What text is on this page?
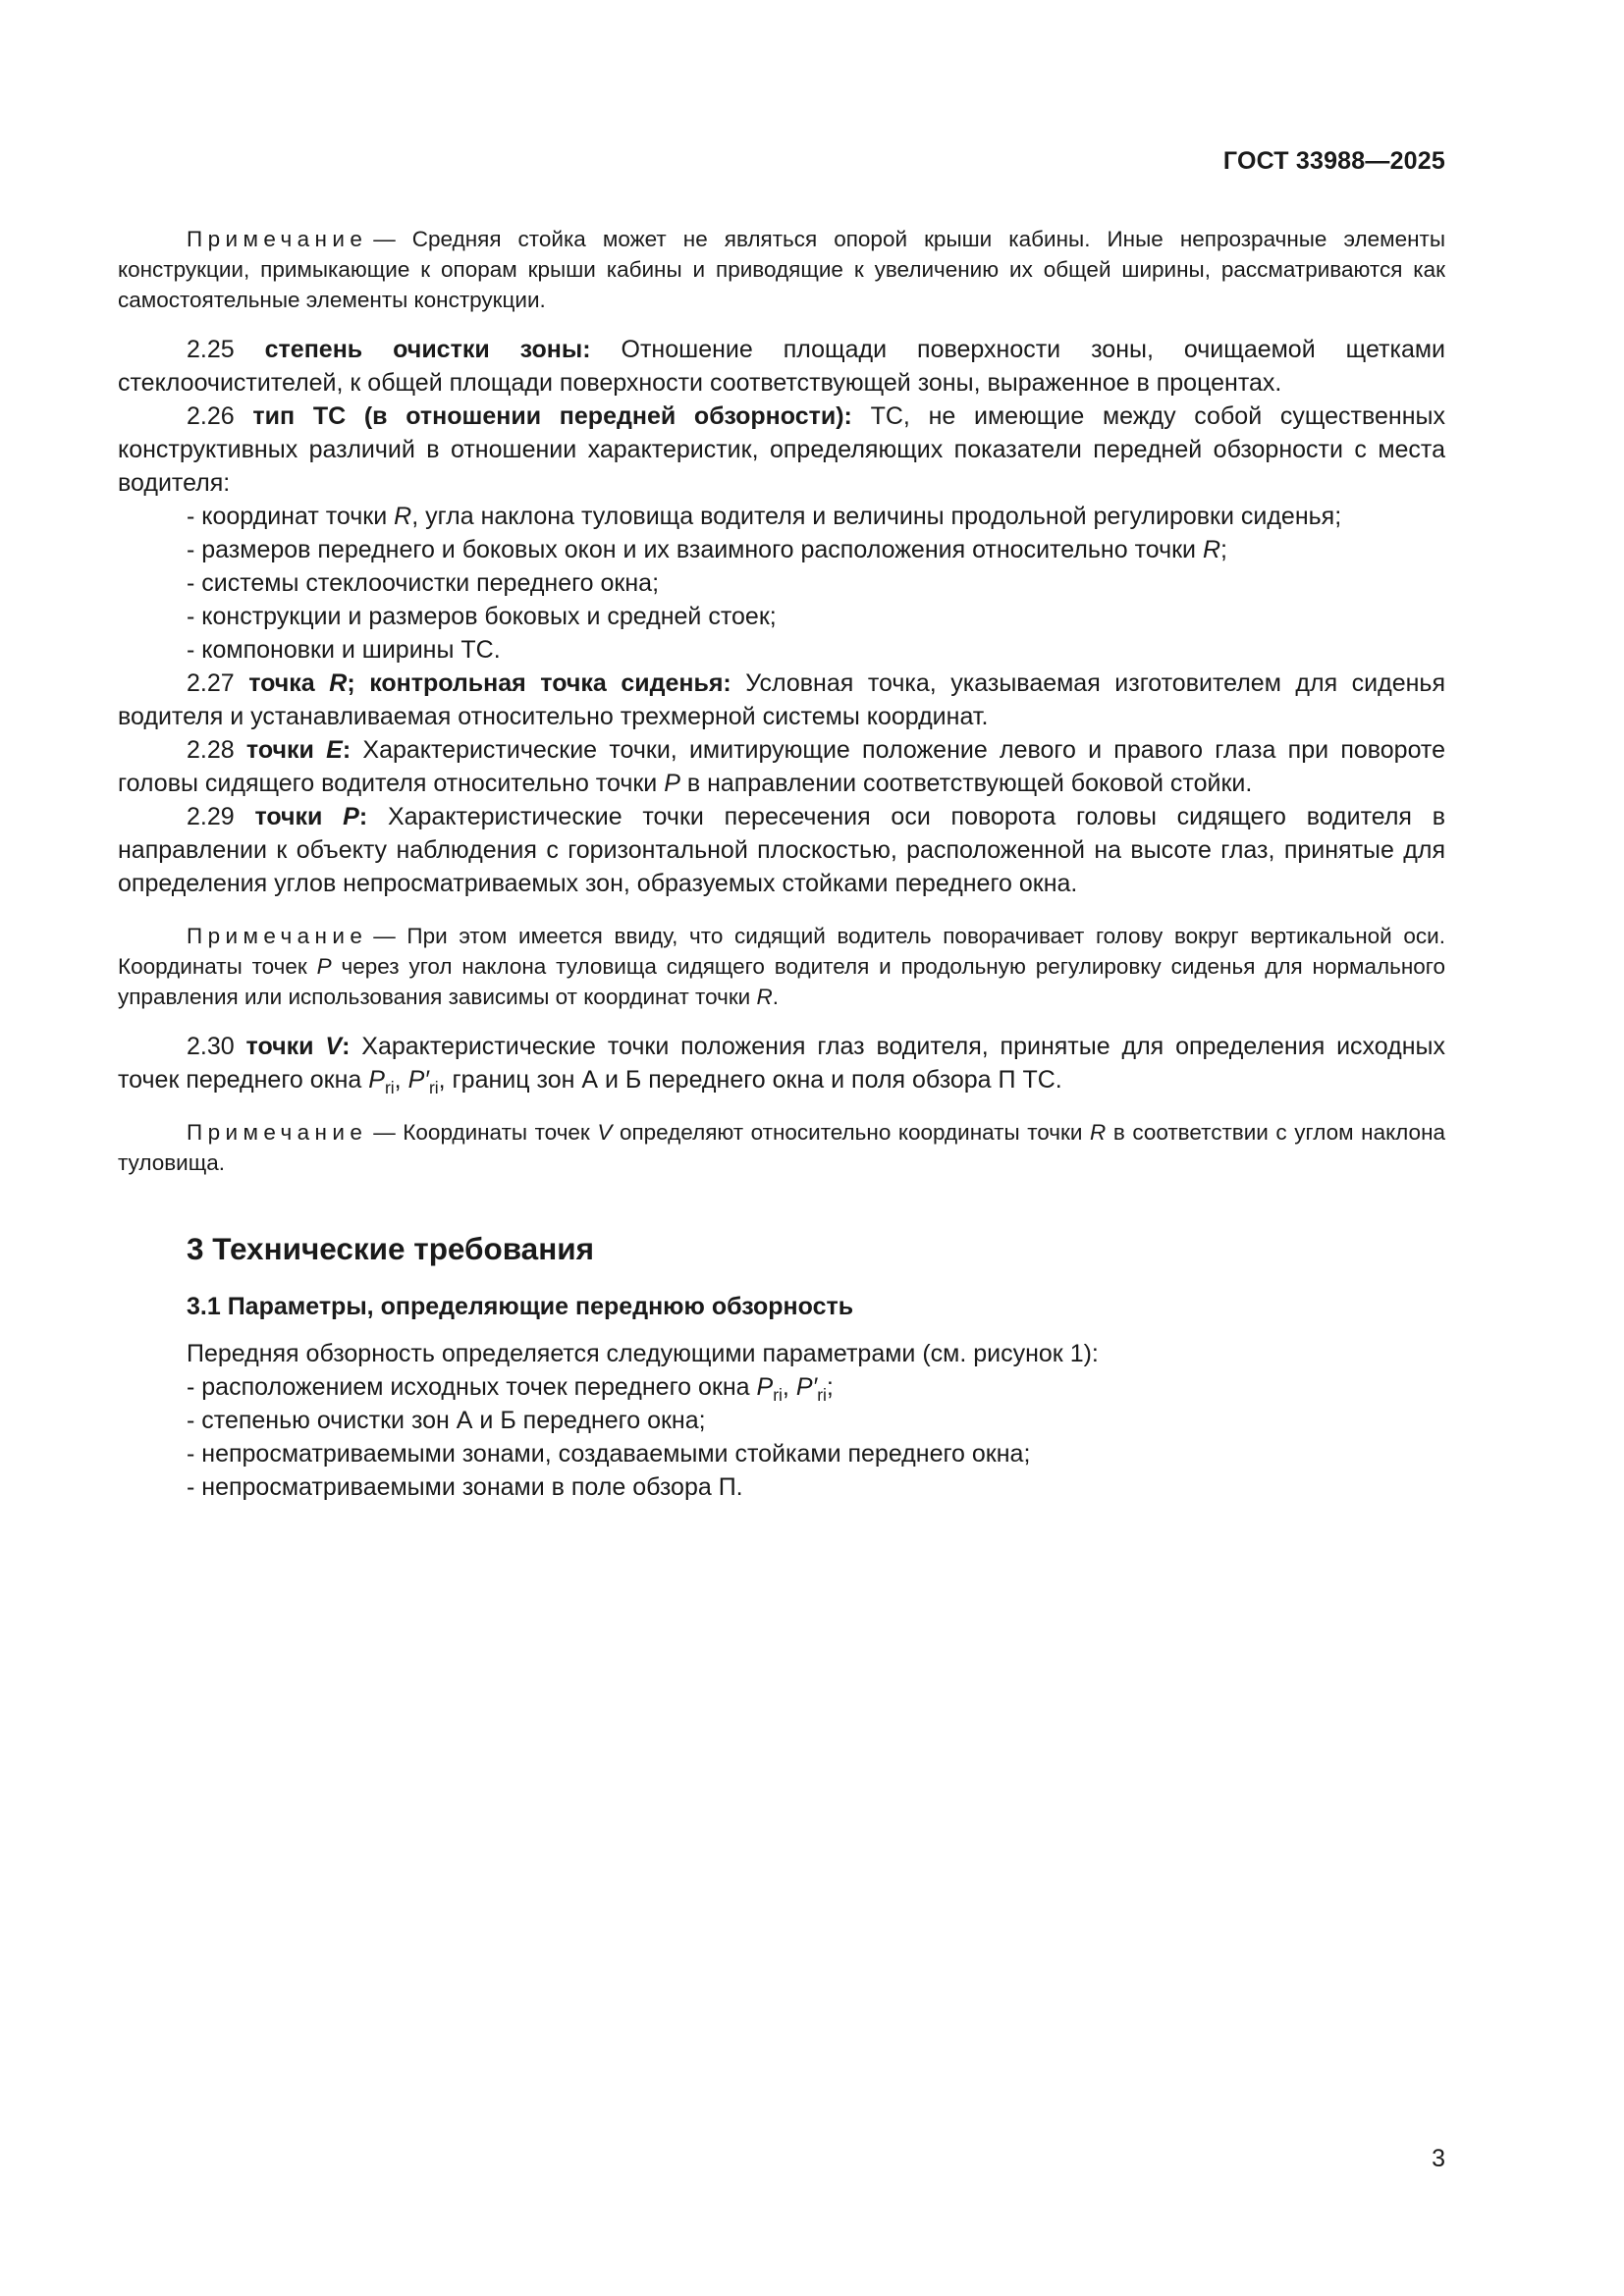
ГОСТ 33988—2025

Примечание — Средняя стойка может не являться опорой крыши кабины. Иные непрозрачные элементы конструкции, примыкающие к опорам крыши кабины и приводящие к увеличению их общей ширины, рассматриваются как самостоятельные элементы конструкции.

2.25 степень очистки зоны: Отношение площади поверхности зоны, очищаемой щетками стеклоочистителей, к общей площади поверхности соответствующей зоны, выраженное в процентах.

2.26 тип ТС (в отношении передней обзорности): ТС, не имеющие между собой существенных конструктивных различий в отношении характеристик, определяющих показатели передней обзорности с места водителя:

- координат точки R, угла наклона туловища водителя и величины продольной регулировки сиденья;
- размеров переднего и боковых окон и их взаимного расположения относительно точки R;
- системы стеклоочистки переднего окна;
- конструкции и размеров боковых и средней стоек;
- компоновки и ширины ТС.

2.27 точка R; контрольная точка сиденья: Условная точка, указываемая изготовителем для сиденья водителя и устанавливаемая относительно трехмерной системы координат.

2.28 точки E: Характеристические точки, имитирующие положение левого и правого глаза при повороте головы сидящего водителя относительно точки P в направлении соответствующей боковой стойки.

2.29 точки P: Характеристические точки пересечения оси поворота головы сидящего водителя в направлении к объекту наблюдения с горизонтальной плоскостью, расположенной на высоте глаз, принятые для определения углов непросматриваемых зон, образуемых стойками переднего окна.

Примечание — При этом имеется ввиду, что сидящий водитель поворачивает голову вокруг вертикальной оси. Координаты точек P через угол наклона туловища сидящего водителя и продольную регулировку сиденья для нормального управления или использования зависимы от координат точки R.

2.30 точки V: Характеристические точки положения глаз водителя, принятые для определения исходных точек переднего окна $P_{ri}$, $P'_{ri}$, границ зон А и Б переднего окна и поля обзора П ТС.

Примечание — Координаты точек V определяют относительно координаты точки R в соответствии с углом наклона туловища.

3 Технические требования
3.1 Параметры, определяющие переднюю обзорность

Передняя обзорность определяется следующими параметрами (см. рисунок 1):

- расположением исходных точек переднего окна $P_{ri}$, $P'_{ri}$;
- степенью очистки зон А и Б переднего окна;
- непросматриваемыми зонами, создаваемыми стойками переднего окна;
- непросматриваемыми зонами в поле обзора П.
3
